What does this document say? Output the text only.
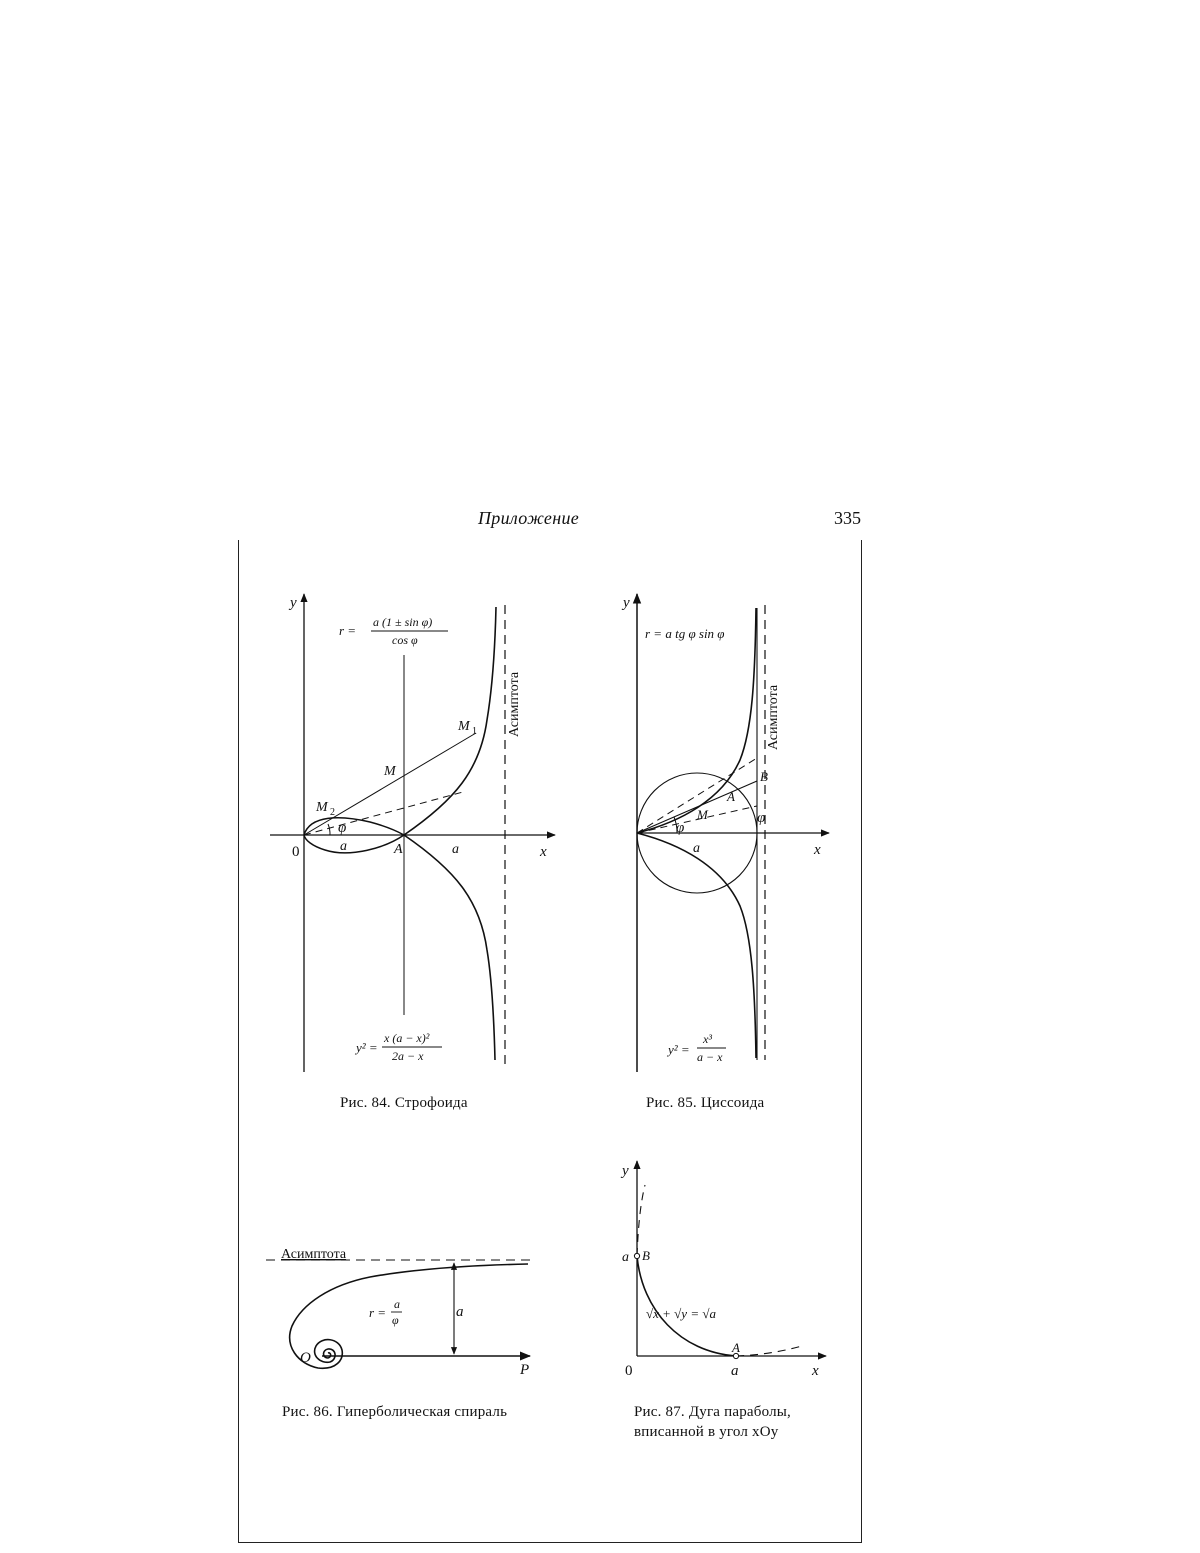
Приложение	335
y
x
0	a	a
A
M
M 1
M 2
φ
Асимптота
r =
a (1 ± sin φ)
cos φ
y² =
x (a − x)²
2a − x
y
x
a
A
B
M
φ
φ
Асимптота
r = a tg φ sin φ
y² =
x³
a − x
Асимптота
O
P
a
r =
a
φ
y
x
0	a
a B
A
√x + √y = √a
Рис. 84. Строфоида	Рис. 85. Циссоида
Рис. 86. Гиперболическая спираль	Рис. 87. Дуга параболы,
вписанной в угол xOy
